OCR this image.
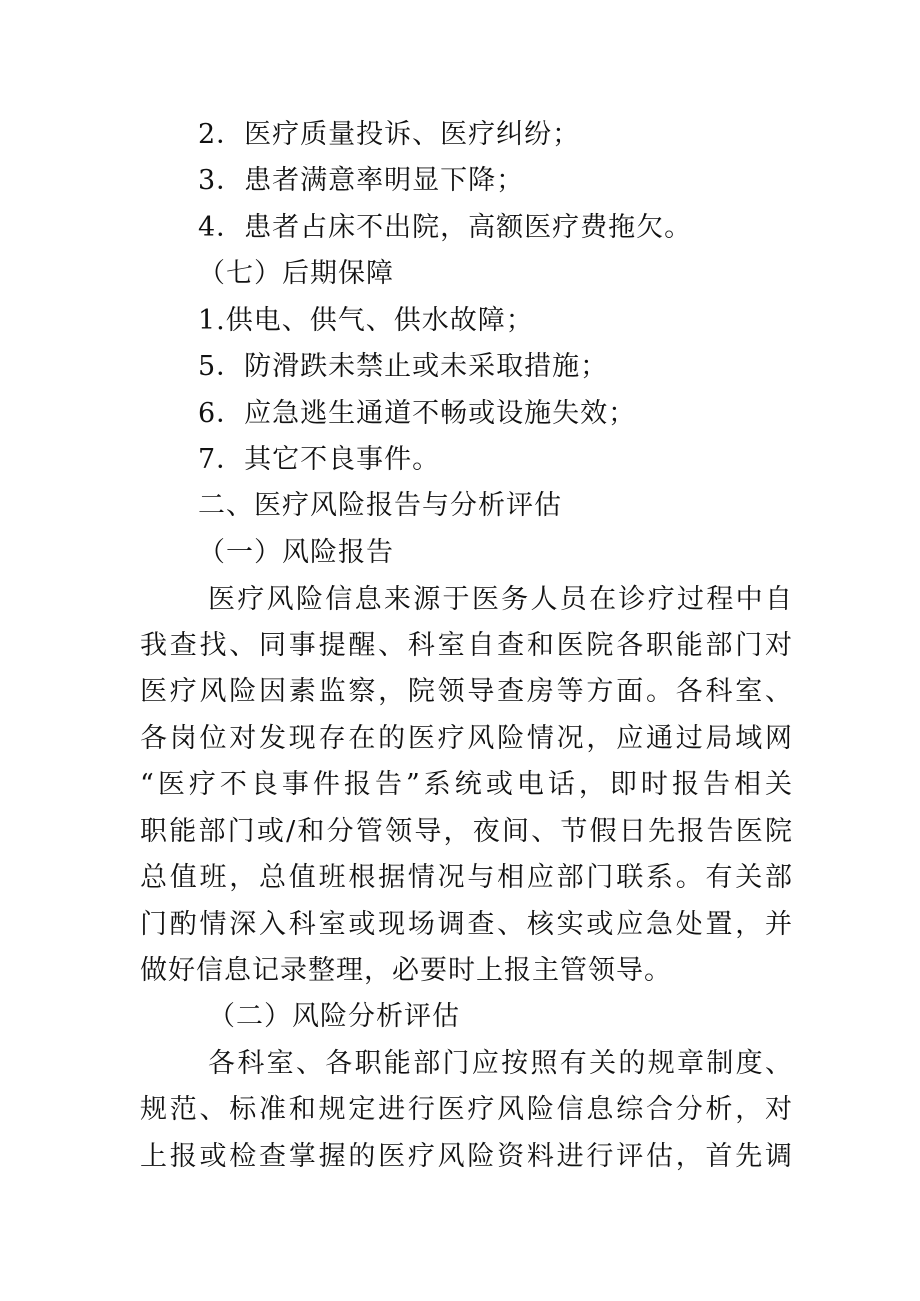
2．医疗质量投诉、医疗纠纷；
3．患者满意率明显下降；
4．患者占床不出院，高额医疗费拖欠。
（七）后期保障
1.供电、供气、供水故障；
5．防滑跌未禁止或未采取措施；
6．应急逃生通道不畅或设施失效；
7．其它不良事件。
二、医疗风险报告与分析评估
（一）风险报告
医疗风险信息来源于医务人员在诊疗过程中自
我查找、同事提醒、科室自查和医院各职能部门对
医疗风险因素监察，院领导查房等方面。各科室、
各岗位对发现存在的医疗风险情况，应通过局域网
“医疗不良事件报告”系统或电话，即时报告相关
职能部门或/和分管领导，夜间、节假日先报告医院
总值班，总值班根据情况与相应部门联系。有关部
门酌情深入科室或现场调查、核实或应急处置，并
做好信息记录整理，必要时上报主管领导。
（二）风险分析评估
各科室、各职能部门应按照有关的规章制度、
规范、标准和规定进行医疗风险信息综合分析，对
上报或检查掌握的医疗风险资料进行评估，首先调
